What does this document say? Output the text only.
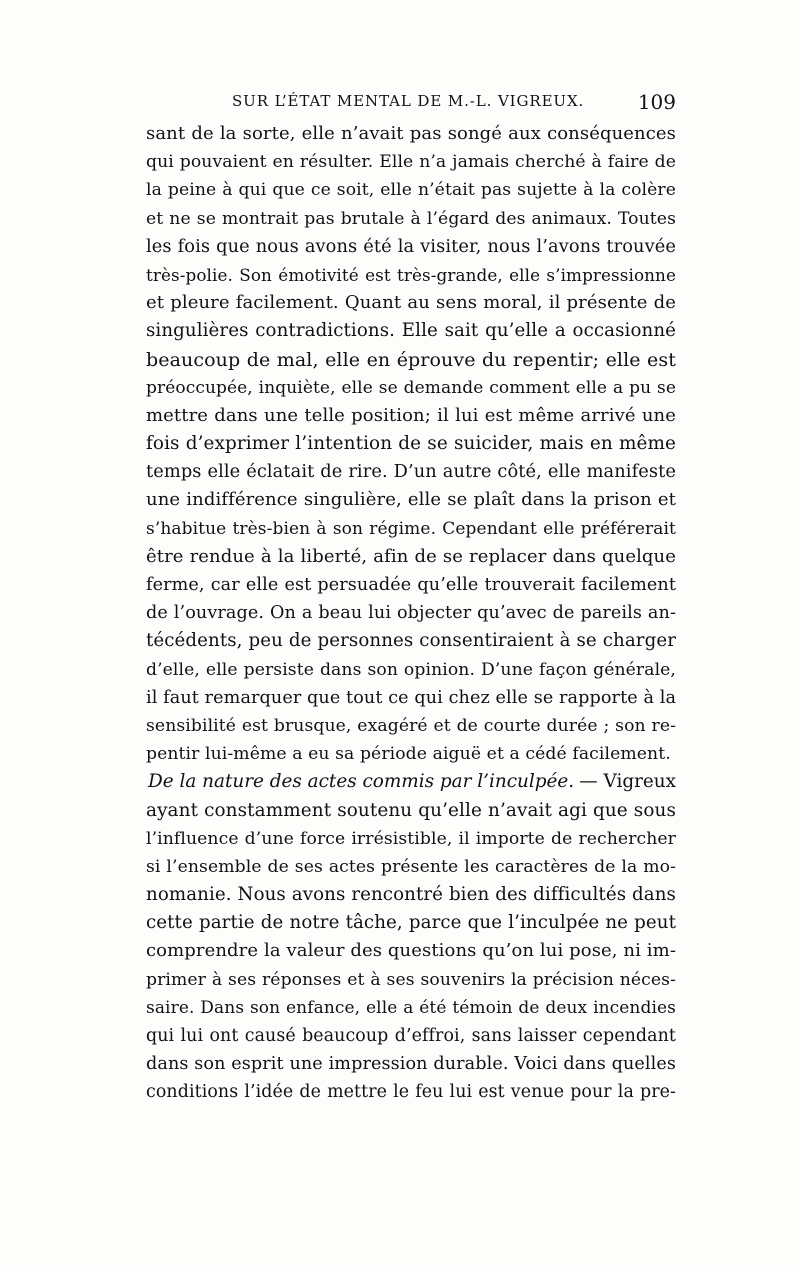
SUR L’ÉTAT MENTAL DE M.-L. VIGREUX.	109
sant de la sorte, elle n’avait pas songé aux conséquences
qui pouvaient en résulter. Elle n’a jamais cherché à faire de
la peine à qui que ce soit, elle n’était pas sujette à la colère
et ne se montrait pas brutale à l’égard des animaux. Toutes
les fois que nous avons été la visiter, nous l’avons trouvée
très-polie. Son émotivité est très-grande, elle s’impressionne
et pleure facilement. Quant au sens moral, il présente de
singulières contradictions. Elle sait qu’elle a occasionné
beaucoup de mal, elle en éprouve du repentir; elle est
préoccupée, inquiète, elle se demande comment elle a pu se
mettre dans une telle position; il lui est même arrivé une
fois d’exprimer l’intention de se suicider, mais en même
temps elle éclatait de rire. D’un autre côté, elle manifeste
une indifférence singulière, elle se plaît dans la prison et
s’habitue très-bien à son régime. Cependant elle préférerait
être rendue à la liberté, afin de se replacer dans quelque
ferme, car elle est persuadée qu’elle trouverait facilement
de l’ouvrage. On a beau lui objecter qu’avec de pareils an-
técédents, peu de personnes consentiraient à se charger
d’elle, elle persiste dans son opinion. D’une façon générale,
il faut remarquer que tout ce qui chez elle se rapporte à la
sensibilité est brusque, exagéré et de courte durée ; son re-
pentir lui-même a eu sa période aiguë et a cédé facilement.
De la nature des actes commis par l’inculpée. — Vigreux
ayant constamment soutenu qu’elle n’avait agi que sous
l’influence d’une force irrésistible, il importe de rechercher
si l’ensemble de ses actes présente les caractères de la mo-
nomanie. Nous avons rencontré bien des difficultés dans
cette partie de notre tâche, parce que l’inculpée ne peut
comprendre la valeur des questions qu’on lui pose, ni im-
primer à ses réponses et à ses souvenirs la précision néces-
saire. Dans son enfance, elle a été témoin de deux incendies
qui lui ont causé beaucoup d’effroi, sans laisser cependant
dans son esprit une impression durable. Voici dans quelles
conditions l’idée de mettre le feu lui est venue pour la pre-
